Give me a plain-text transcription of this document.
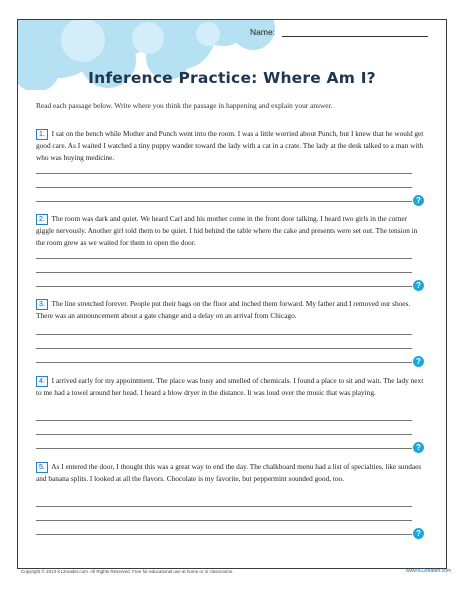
Name:
Inference Practice: Where Am I?
Read each passage below. Write where you think the passage in happening and explain your answer.
1. I sat on the bench while Mother and Punch went into the room. I was a little worried about Punch, but I knew that he would get good care. As I waited I watched a tiny puppy wander toward the lady with a cat in a crate. The lady at the desk talked to a man with who was buying medicine.
?
2. The room was dark and quiet. We heard Carl and his mother come in the front door talking. I heard two girls in the corner giggle nervously. Another girl told them to be quiet. I hid behind the table where the cake and presents were set out. The tension in the room grew as we waited for them to open the door.
?
3. The line stretched forever. People put their bags on the floor and inched them forward. My father and I removed our shoes. There was an announcement about a gate change and a delay on an arrival from Chicago.
?
4. I arrived early for my appointment. The place was busy and smelled of chemicals. I found a place to sit and wait. The lady next to me had a towel around her head. I heard a blow dryer in the distance. It was loud over the music that was playing.
?
5. As I entered the door, I thought this was a great way to end the day. The chalkboard menu had a list of specialties, like sundaes and banana splits. I looked at all the flavors. Chocolate is my favorite, but peppermint sounded good, too.
?
Copyright © 2013 K12reader.com. All Rights Reserved. Free for educational use at home or in classrooms.	www.k12reader.com
